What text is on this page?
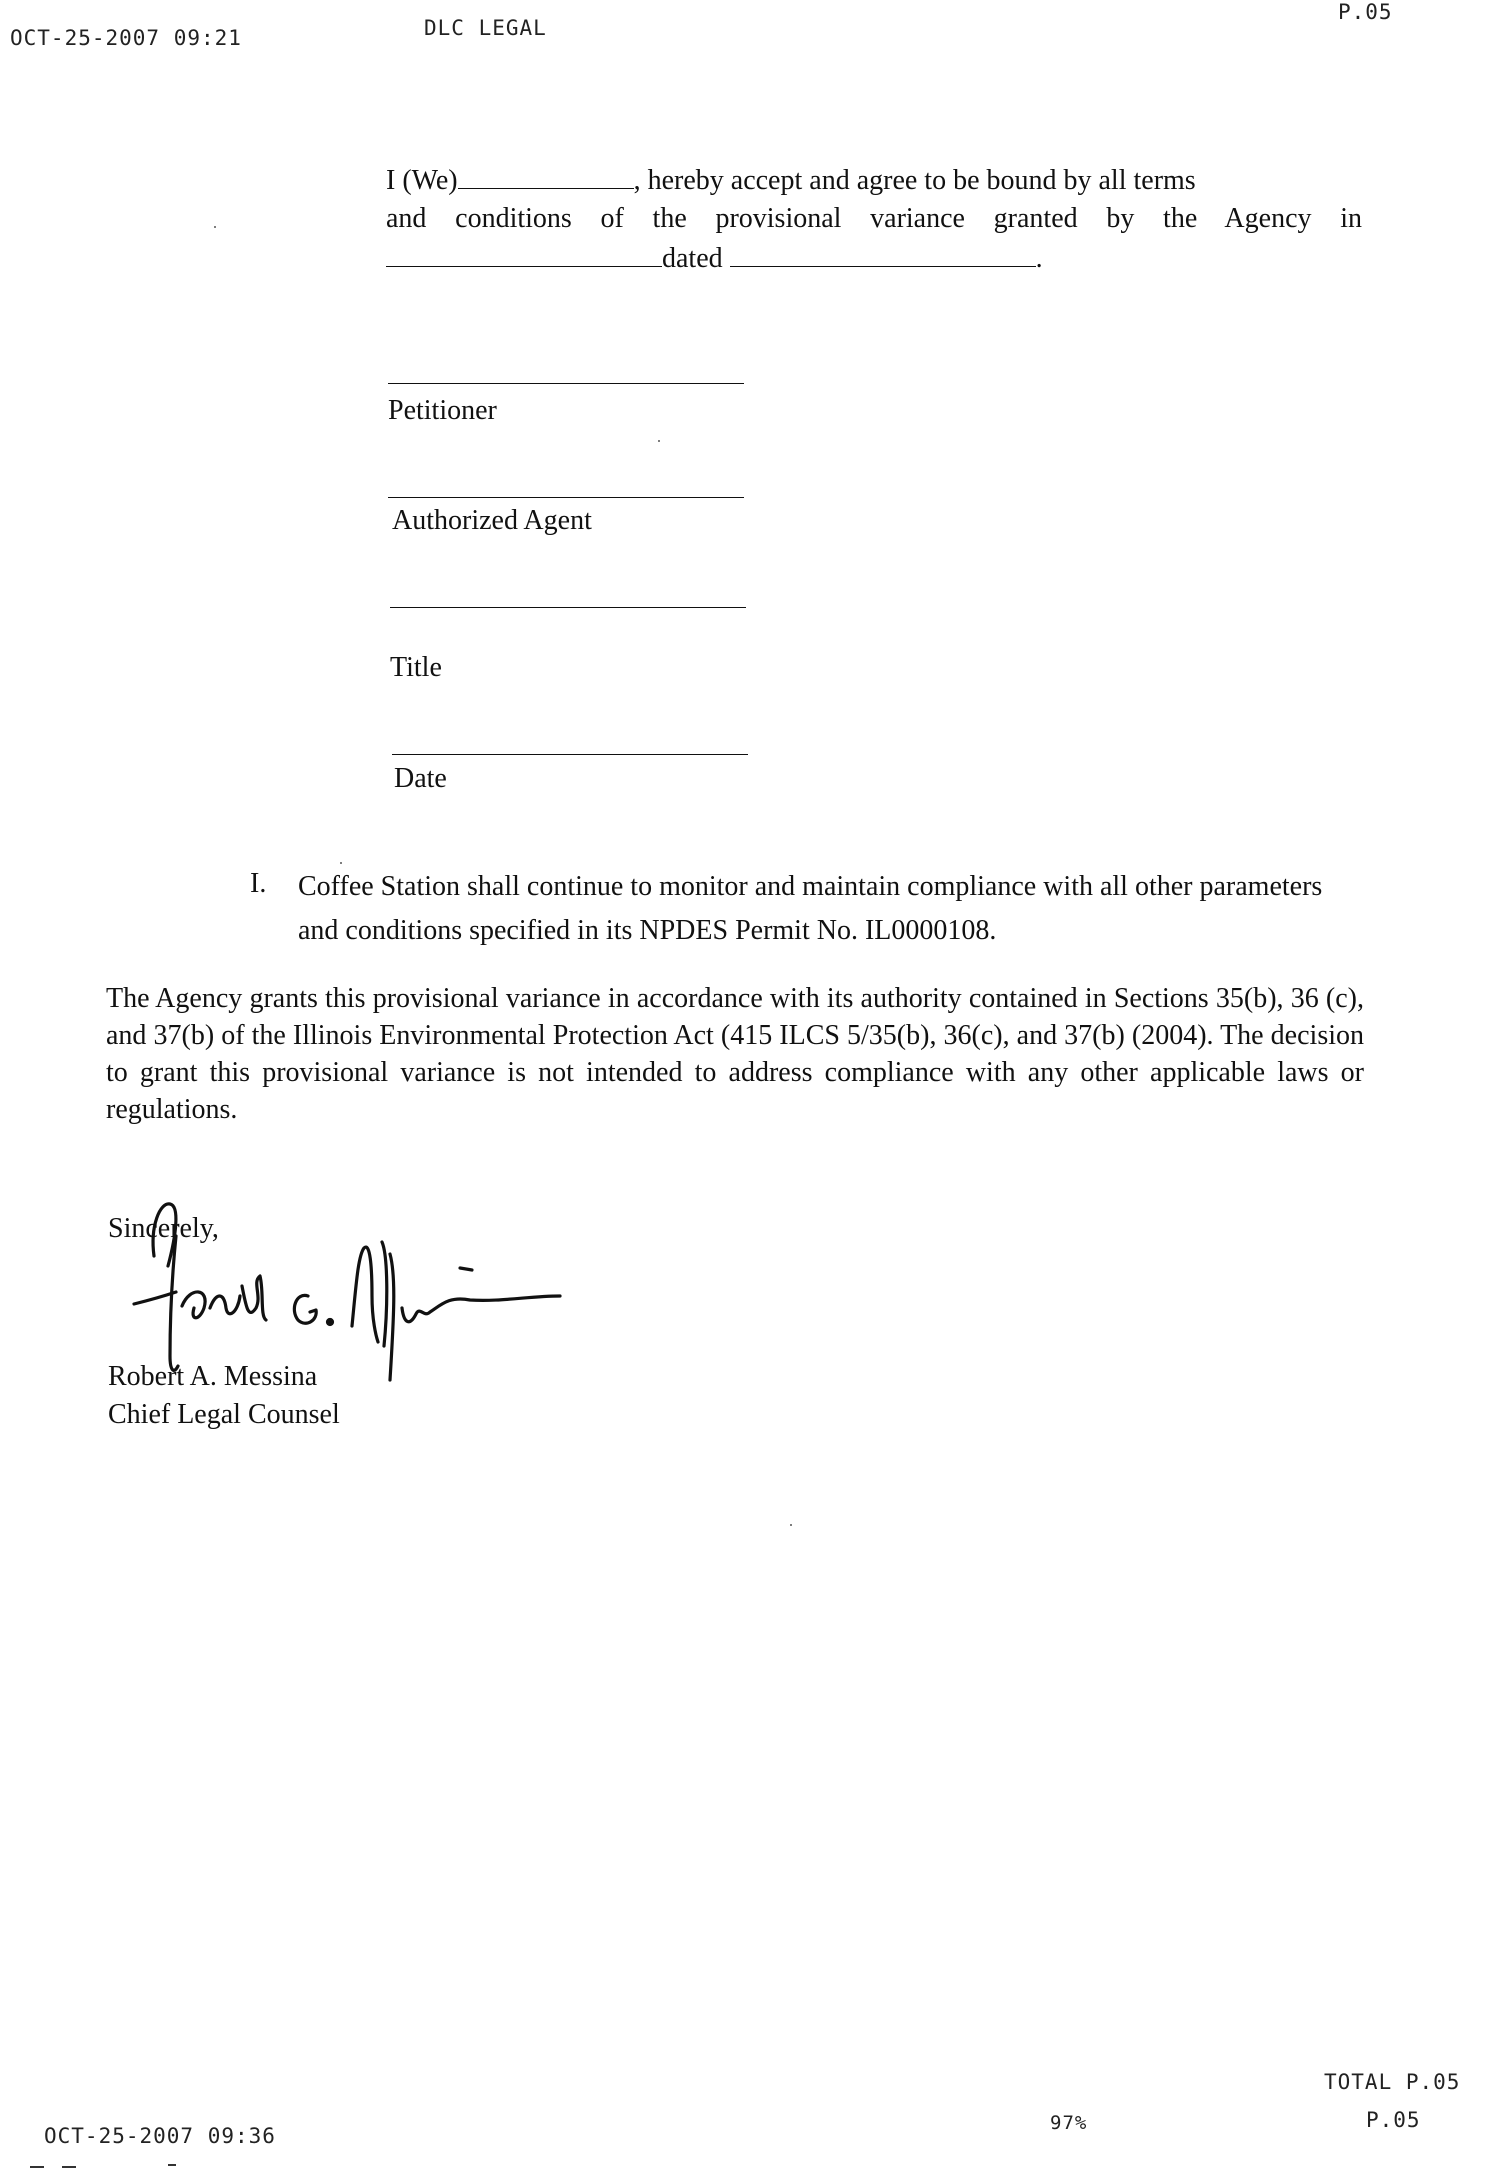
OCT-25-2007 09:21	DLC LEGAL
P.05
I (We)	, hereby accept and agree to be bound by all terms
and conditions of the provisional variance granted by the Agency in
dated	.
Petitioner
Authorized Agent
Title
Date
I. Coffee Station shall continue to monitor and maintain compliance with all other parameters and conditions specified in its NPDES Permit No. IL0000108.
The Agency grants this provisional variance in accordance with its authority contained in Sections 35(b), 36 (c), and 37(b) of the Illinois Environmental Protection Act (415 ILCS 5/35(b), 36(c), and 37(b) (2004). The decision to grant this provisional variance is not intended to address compliance with any other applicable laws or regulations.
Sincerely,
Robert A. Messina
Chief Legal Counsel
TOTAL P.05
P.05
97%
OCT-25-2007 09:36
